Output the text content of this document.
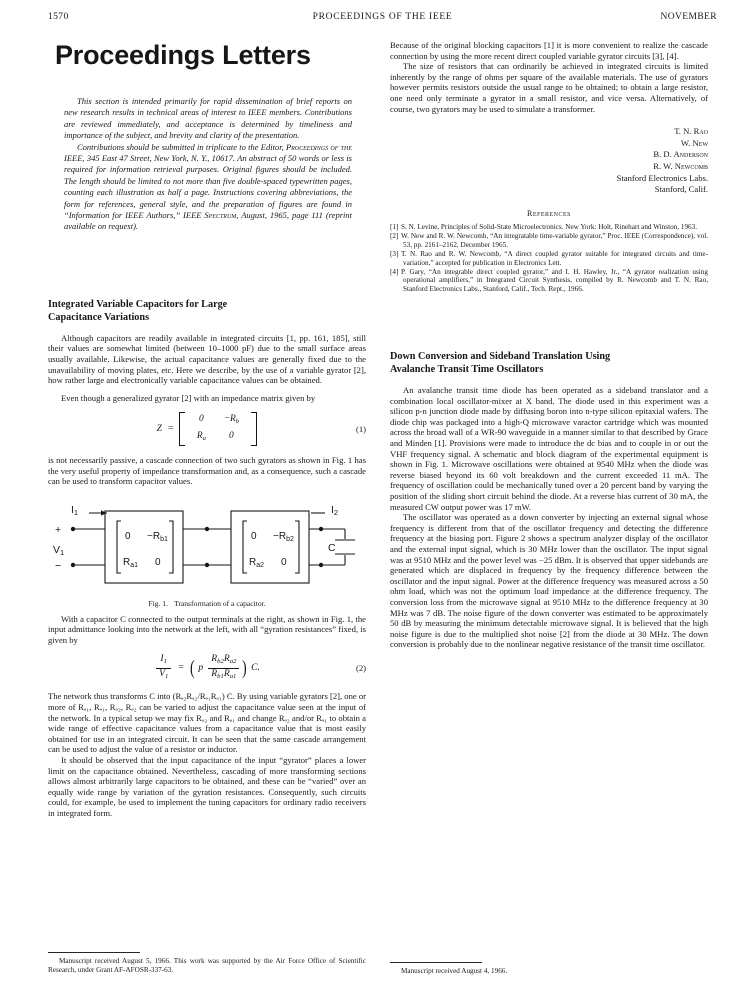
1570	PROCEEDINGS OF THE IEEE	NOVEMBER
Proceedings Letters

This section is intended primarily for rapid dissemination of brief reports on new research results in technical areas of interest to IEEE members. Contributions are reviewed immediately, and acceptance is determined by timeliness and importance of the subject, and brevity and clarity of the presentation.

Contributions should be submitted in triplicate to the Editor, Proceedings of the IEEE, 345 East 47 Street, New York, N. Y., 10617. An abstract of 50 words or less is required for information retrieval purposes. Original figures should be included. The length should be limited to not more than five double-spaced typewritten pages, counting each illustration as half a page. Instructions covering abbreviations, the form for references, general style, and the preparation of figures are found in “Information for IEEE Authors,” IEEE Spectrum, August, 1965, page 111 (reprint available on request).

Integrated Variable Capacitors for Large
Capacitance Variations

Although capacitors are readily available in integrated circuits [1, pp. 161, 185], still their values are somewhat limited (between 10–1000 pF) due to the small surface areas usually available. Likewise, the actual capacitance values are generally fixed due to the unavailability of moving plates, etc. Here we describe, by the use of a variable gyrator [2], how rather large and electronically variable capacitance values can be obtained.

Even though a generalized gyrator [2] with an impedance matrix given by

Z =
0	$-R_b$
$R_a$	0
(1)

is not necessarily passive, a cascade connection of two such gyrators as shown in Fig. 1 has the very useful property of impedance transformation and, as a consequence, such a cascade can be used to transform capacitor values.

$0 -R_{b1}$
$R_{a1}$ 0
$0 -R_{b2}$
$R_{a2}$ 0
I1	I2
+
−
V1	C
Fig. 1. Transformation of a capacitor.

With a capacitor C connected to the output terminals at the right, as shown in Fig. 1, the input admittance looking into the network at the left, with all “gyration resistances” fixed, is given by

$\frac{I_1}{V_1}$ = ( p $\frac{R_{b2}R_{a2}}{R_{b1}R_{a1}}$ ) C.	(2)

The network thus transforms C into (Rₔ₂Rₐ₂/Rₔ₁Rₐ₁) C. By using variable gyrators [2], one or more of Rₐ₁, Rₔ₁, Rₐ₂, Rₔ₂ can be varied to adjust the capacitance value seen at the input of the network. In a typical setup we may fix Rₐ₂ and Rₐ₁ and change Rₔ₂ and/or Rₔ₁ to obtain a wide range of effective capacitance values from a capacitance value that is most easily obtained for use in an integrated circuit. It can be seen that the same cascade arrangement can be used to adjust the value of a resistor or inductor.

It should be observed that the input capacitance of the input “gyrator” places a lower limit on the capacitance obtained. Nevertheless, cascading of more transforming sections allows almost arbitrarily large capacitors to be obtained, and these can be “varied” over an equally wide range by variation of the gyration resistances. Consequently, such circuits could, for example, be used to implement the tuning capacitors for ordinary radio receivers in integrated form.

Because of the original blocking capacitors [1] it is more convenient to realize the cascade connection by using the more recent direct coupled variable gyrator circuits [3], [4].

The size of resistors that can ordinarily be achieved in integrated circuits is limited inherently by the range of ohms per square of the available materials. The use of gyrators however permits resistors outside the usual range to be obtained; to obtain a large resistor, one need only terminate a gyrator in a small resistor, and vice versa. Alternatively, of course, two gyrators may be used to simulate a transformer.

T. N. Rao
W. New
B. D. Anderson
R. W. Newcomb
Stanford Electronics Labs.
Stanford, Calif.
References
[1] S. N. Levine, Principles of Solid-State Microelectronics. New York: Holt, Rinehart and Winston, 1963.
[2] W. New and R. W. Newcomb, “An integratable time-variable gyrator,” Proc. IEEE (Correspondence), vol. 53, pp. 2161–2162, December 1965.
[3] T. N. Rao and R. W. Newcomb, “A direct coupled gyrator suitable for integrated circuits and time-variation,” accepted for publication in Electronics Lett.
[4] P. Gary, “An integrable direct coupled gyrator,” and I. H. Hawley, Jr., “A gyrator realization using operational amplifiers,” in Integrated Circuit Synthesis, compiled by R. Newcomb and T. N. Rao, Stanford Electronics Labs., Stanford, Calif., Tech. Rept., 1966.
Down Conversion and Sideband Translation Using
Avalanche Transit Time Oscillators

An avalanche transit time diode has been operated as a sideband translator and a combination local oscillator-mixer at X band. The diode used in this experiment was a silicon p-n junction diode made by diffusing boron into n-type silicon epitaxial wafers. The diode chip was packaged into a high-Q microwave varactor cartridge which was mounted across the broad wall of a WR-90 waveguide in a manner similar to that described by Grace and Minden [1]. Provisions were made to introduce the dc bias and to couple in or out the VHF frequency signal. A schematic and block diagram of the experimental equipment is shown in Fig. 1. Microwave oscillations were obtained at 9540 MHz when the diode was reverse biased beyond its 60 volt breakdown and the current exceeded 11 mA. The frequency of oscillation could be mechanically tuned over a 20 percent band by varying the position of the sliding short circuit behind the diode. At a reverse bias current of 30 mA, the measured CW output power was 17 mW.

The oscillator was operated as a down converter by injecting an external signal whose frequency is different from that of the oscillator frequency and detecting the difference frequency at the biasing port. Figure 2 shows a spectrum analyzer display of the oscillator and the external input signal, which is 30 MHz lower than the oscillator. The input signal was at 9510 MHz and the power level was −25 dBm. It is observed that upper sidebands are generated which are displaced in frequency by the frequency difference between the oscillator and the input signal. Power at the difference frequency was measured across a 50 ohm load, which was not the optimum load impedance at the difference frequency. The conversion loss from the microwave signal at 9510 MHz to the difference frequency at 30 MHz was 7 dB. The noise figure of the down converter was estimated to be approximately 50 dB by measuring the minimum detectable microwave signal. It is believed that the high noise figure is due to the multiplied shot noise [2] from the diode at 30 MHz. The down conversion is probably due to the nonlinear negative resistance of the transit time oscillator.

Manuscript received August 5, 1966. This work was supported by the Air Force Office of Scientific Research, under Grant AF-AFOSR-337-63.	Manuscript received August 4, 1966.
